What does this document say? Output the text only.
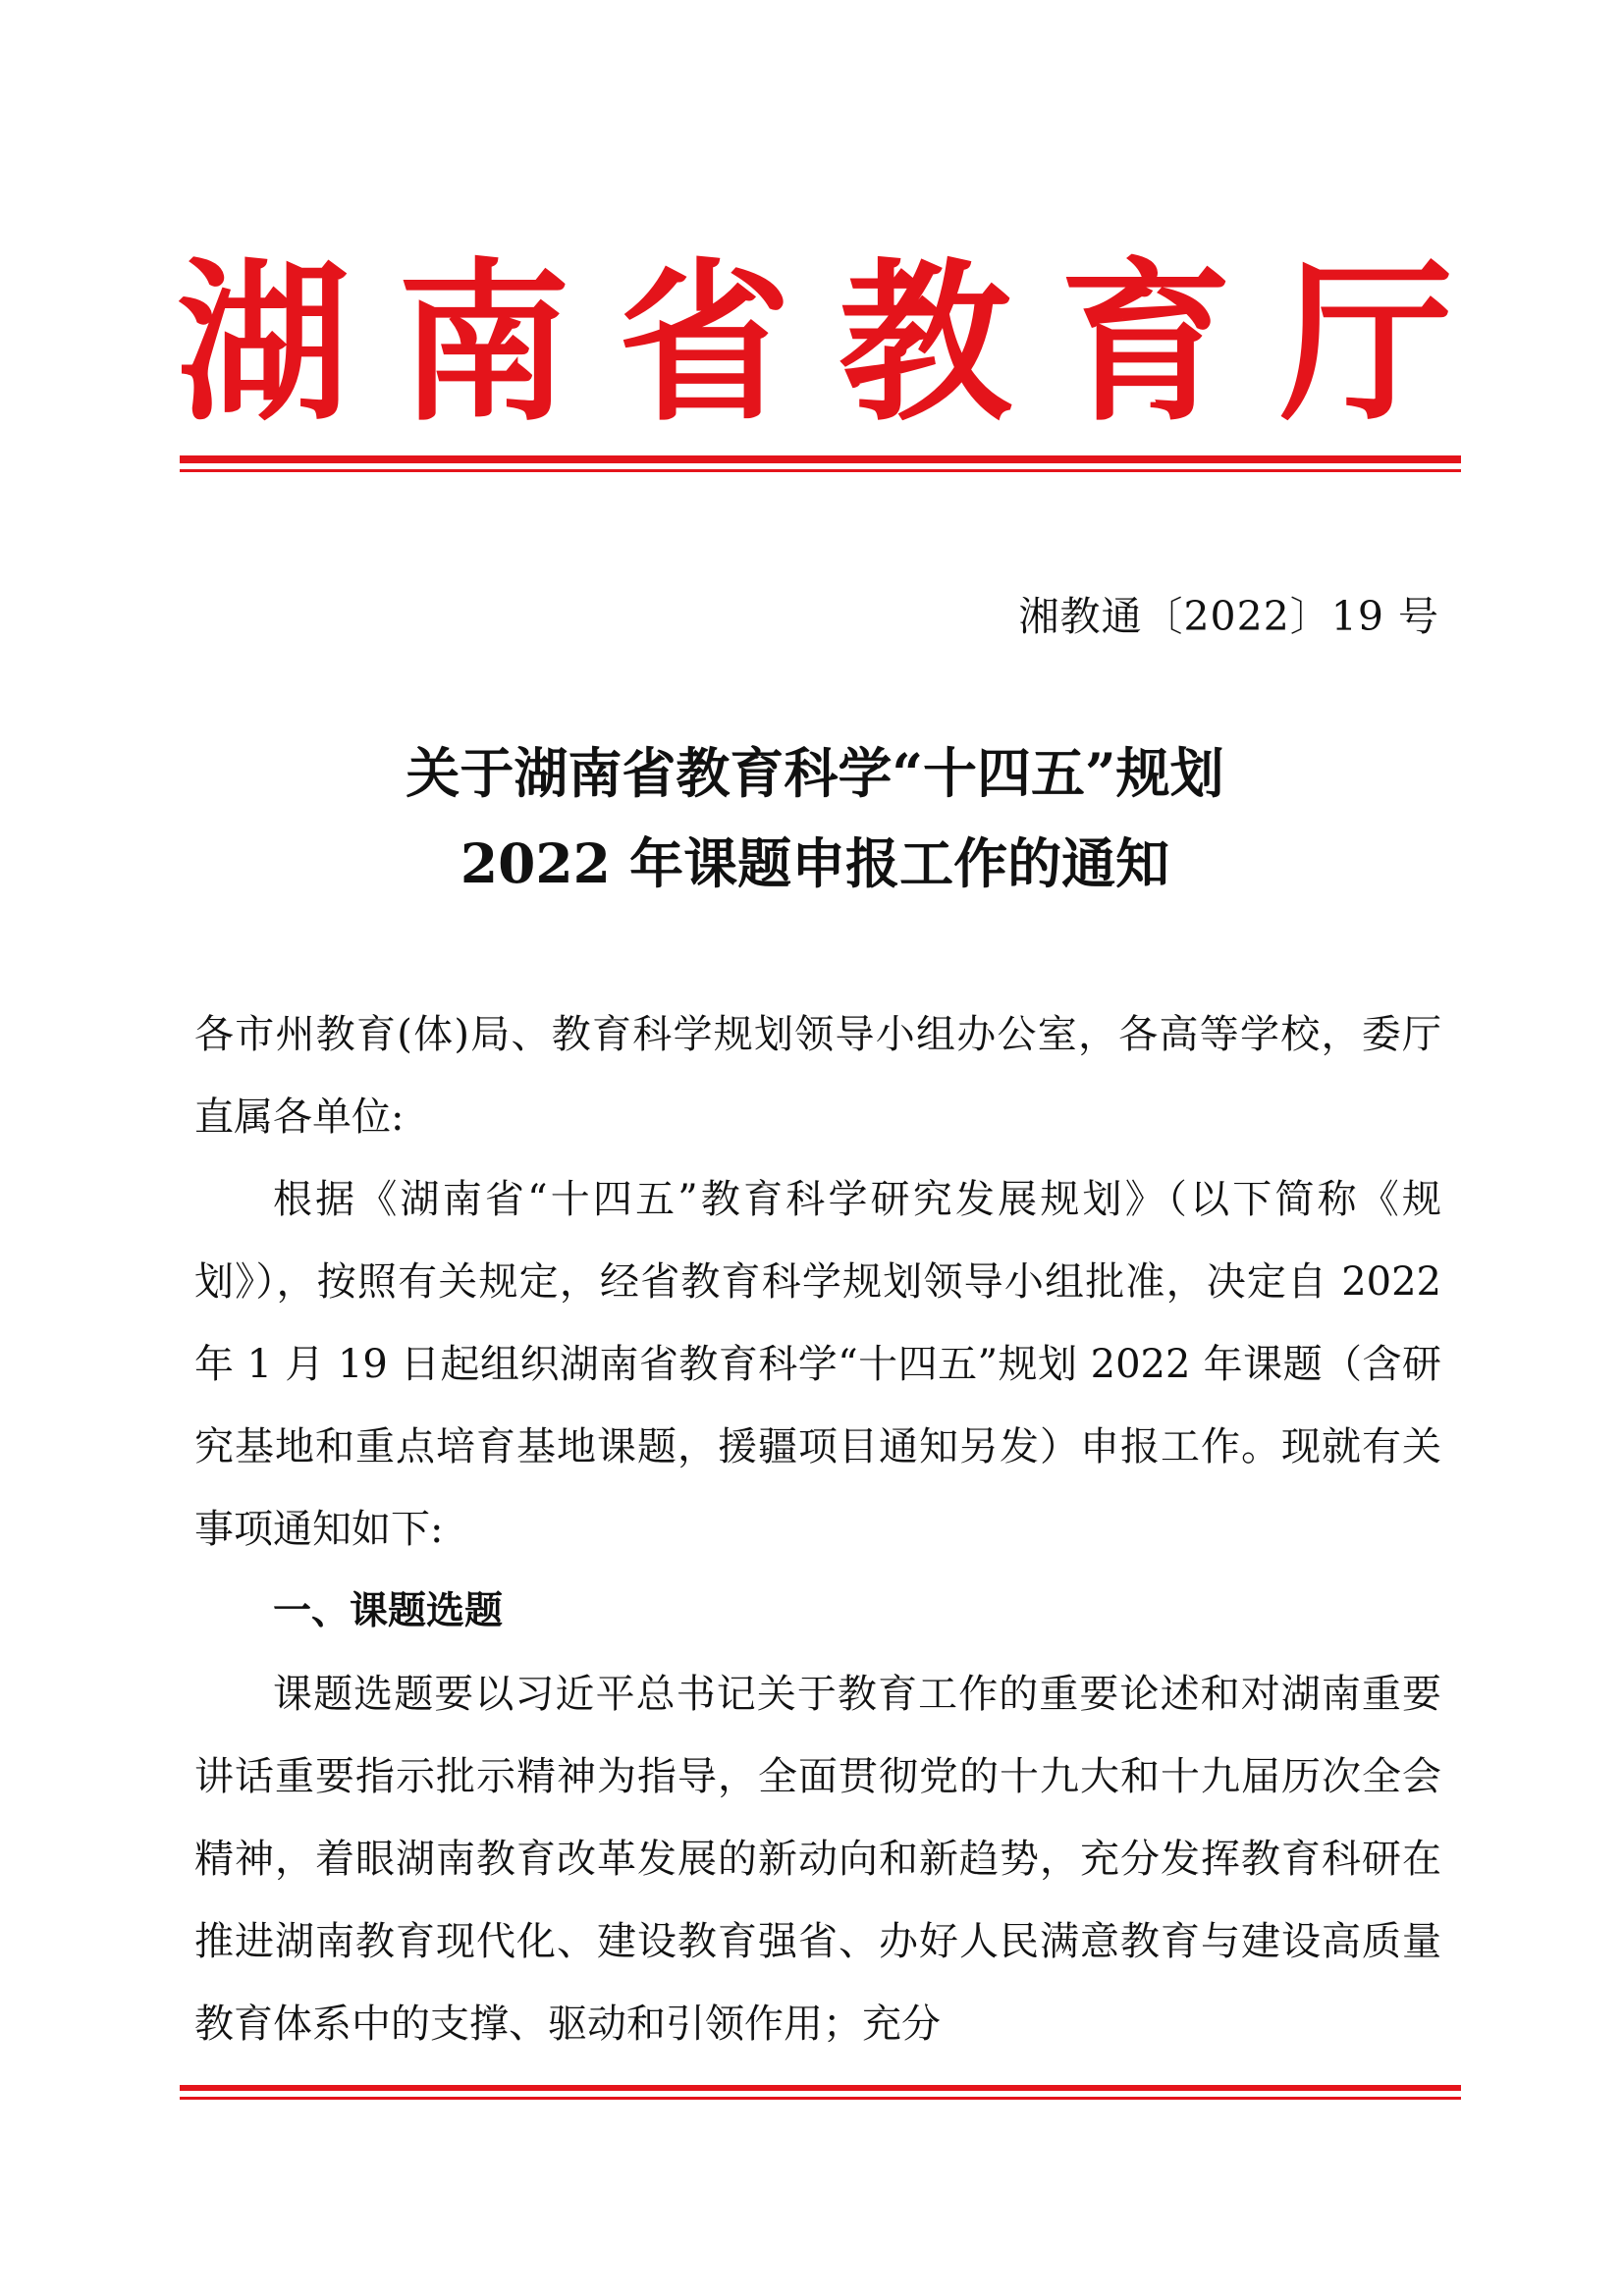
湖 南 省 教 育 厅
湘教通〔2022〕19 号
关于湖南省教育科学“十四五”规划
2022 年课题申报工作的通知

各市州教育(体)局、教育科学规划领导小组办公室，各高等学校，委厅直属各单位:

根据《湖南省“十四五”教育科学研究发展规划》（以下简称《规划》），按照有关规定，经省教育科学规划领导小组批准，决定自 2022 年 1 月 19 日起组织湖南省教育科学“十四五”规划 2022 年课题（含研究基地和重点培育基地课题，援疆项目通知另发）申报工作。现就有关事项通知如下:

一、课题选题

课题选题要以习近平总书记关于教育工作的重要论述和对湖南重要讲话重要指示批示精神为指导，全面贯彻党的十九大和十九届历次全会精神，着眼湖南教育改革发展的新动向和新趋势，充分发挥教育科研在推进湖南教育现代化、建设教育强省、办好人民满意教育与建设高质量教育体系中的支撑、驱动和引领作用；充分
